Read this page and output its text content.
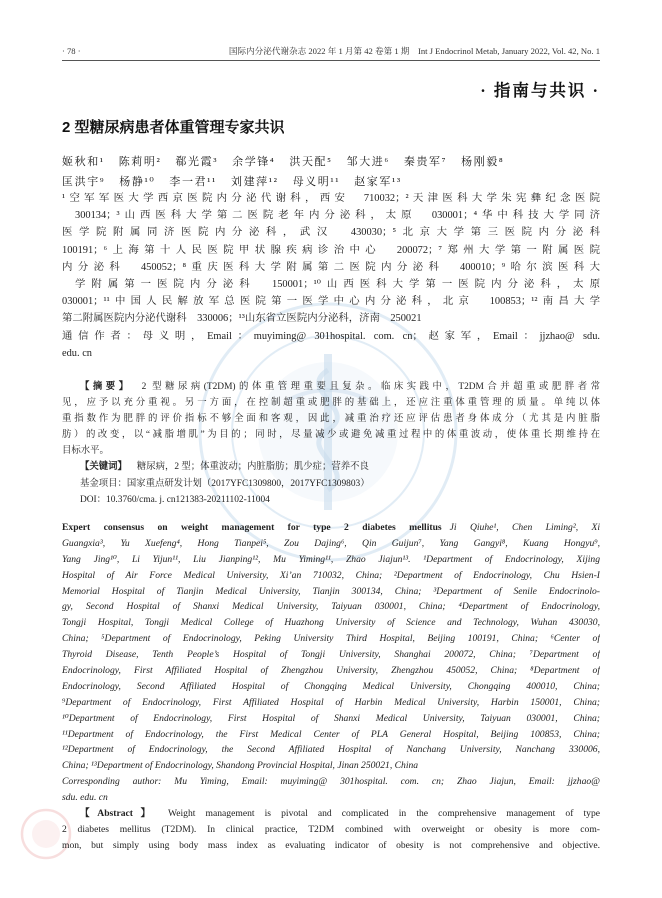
· 78 ·	国际内分泌代谢杂志 2022 年 1 月第 42 卷第 1 期　Int J Endocrinol Metab, January 2022, Vol. 42, No. 1
· 指南与共识 ·
2 型糖尿病患者体重管理专家共识
姬秋和¹ 陈莉明² 郗光霞³ 余学锋⁴ 洪天配⁵ 邹大进⁶ 秦贵军⁷ 杨刚毅⁸
匡洪宇⁹ 杨静¹⁰ 李一君¹¹ 刘建萍¹² 母义明¹¹ 赵家军¹³
¹空军军医大学西京医院内分泌代谢科，西安　710032；²天津医科大学朱宪彝纪念医院
300134；³山西医科大学第二医院老年内分泌科，太原　030001；⁴华中科技大学同济
医学院附属同济医院内分泌科，武汉　430030；⁵北京大学第三医院内分泌科
100191；⁶上海第十人民医院甲状腺疾病诊治中心　200072；⁷郑州大学第一附属医院
内分泌科　450052；⁸重庆医科大学附属第二医院内分泌科　400010；⁹哈尔滨医科大
学附属第一医院内分泌科　150001；¹⁰山西医科大学第一医院内分泌科，太原
030001；¹¹中国人民解放军总医院第一医学中心内分泌科，北京　100853；¹²南昌大学
第二附属医院内分泌代谢科　330006；¹³山东省立医院内分泌科，济南　250021
通信作者：母义明，Email：muyiming@ 301hospital. com. cn；赵家军，Email：jjzhao@ sdu.
edu. cn
【摘要】 2 型糖尿病(T2DM)的体重管理重要且复杂。临床实践中，T2DM合并超重或肥胖者常
见，应予以充分重视。另一方面，在控制超重或肥胖的基础上，还应注重体重管理的质量。单纯以体
重指数作为肥胖的评价指标不够全面和客观，因此，减重治疗还应评估患者身体成分（尤其是内脏脂
肪）的改变，以“减脂增肌”为目的；同时，尽量减少或避免减重过程中的体重波动，使体重长期维持在
目标水平。
【关键词】 糖尿病，2 型；体重波动；内脏脂肪；肌少症；营养不良
基金项目：国家重点研发计划（2017YFC1309800，2017YFC1309803）
DOI：10.3760/cma. j. cn121383-20211102-11004
Expert consensus on weight management for type 2 diabetes mellitus Ji Qiuhe¹, Chen Liming², Xi
Guangxia³, Yu Xuefeng⁴, Hong Tianpei⁵, Zou Dajing⁶, Qin Guijun⁷, Yang Gangyi⁸, Kuang Hongyu⁹,
Yang Jing¹⁰, Li Yijun¹¹, Liu Jianping¹², Mu Yiming¹¹, Zhao Jiajun¹³. ¹Department of Endocrinology, Xijing
Hospital of Air Force Medical University, Xi’an 710032, China; ²Department of Endocrinology, Chu Hsien-I
Memorial Hospital of Tianjin Medical University, Tianjin 300134, China; ³Department of Senile Endocrinolo-
gy, Second Hospital of Shanxi Medical University, Taiyuan 030001, China; ⁴Department of Endocrinology,
Tongji Hospital, Tongji Medical College of Huazhong University of Science and Technology, Wuhan 430030,
China; ⁵Department of Endocrinology, Peking University Third Hospital, Beijing 100191, China; ⁶Center of
Thyroid Disease, Tenth People’s Hospital of Tongji University, Shanghai 200072, China; ⁷Department of
Endocrinology, First Affiliated Hospital of Zhengzhou University, Zhengzhou 450052, China; ⁸Department of
Endocrinology, Second Affiliated Hospital of Chongqing Medical University, Chongqing 400010, China;
⁹Department of Endocrinology, First Affiliated Hospital of Harbin Medical University, Harbin 150001, China;
¹⁰Department of Endocrinology, First Hospital of Shanxi Medical University, Taiyuan 030001, China;
¹¹Department of Endocrinology, the First Medical Center of PLA General Hospital, Beijing 100853, China;
¹²Department of Endocrinology, the Second Affiliated Hospital of Nanchang University, Nanchang 330006,
China; ¹³Department of Endocrinology, Shandong Provincial Hospital, Jinan 250021, China
Corresponding author: Mu Yiming, Email: muyiming@ 301hospital. com. cn; Zhao Jiajun, Email: jjzhao@
sdu. edu. cn
【Abstract】 Weight management is pivotal and complicated in the comprehensive management of type
2 diabetes mellitus (T2DM). In clinical practice, T2DM combined with overweight or obesity is more com-
mon, but simply using body mass index as evaluating indicator of obesity is not comprehensive and objective.
